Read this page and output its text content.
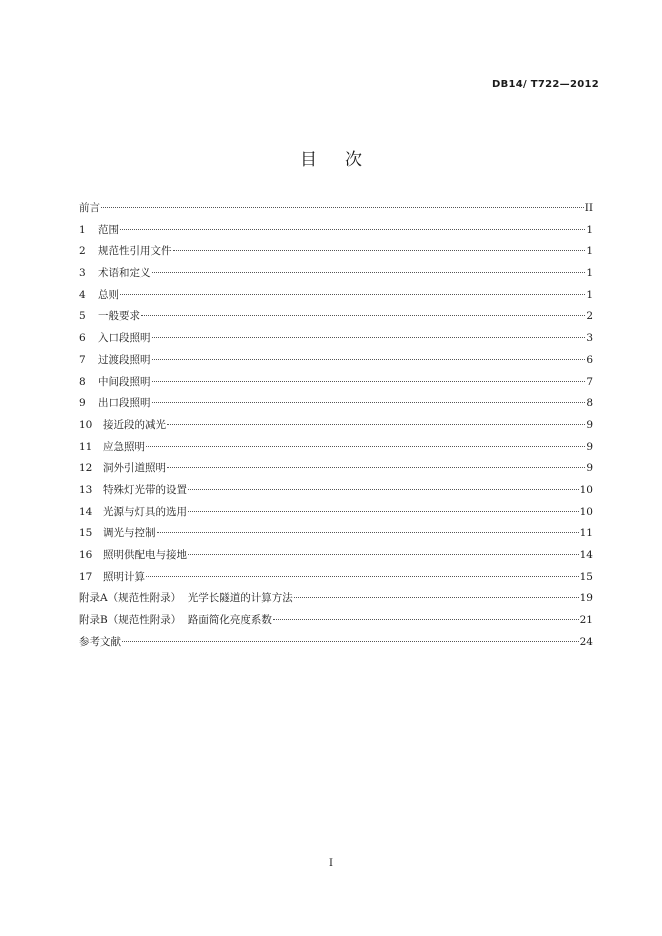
DB14/ T722—2012
目次
前言	II
1	范围	1
2	规范性引用文件	1
3	术语和定义	1
4	总则	1
5	一般要求	2
6	入口段照明	3
7	过渡段照明	6
8	中间段照明	7
9	出口段照明	8
10	接近段的减光	9
11	应急照明	9
12	洞外引道照明	9
13	特殊灯光带的设置	10
14	光源与灯具的选用	10
15	调光与控制	11
16	照明供配电与接地	14
17	照明计算	15
附录A（规范性附录）  光学长隧道的计算方法	19
附录B（规范性附录）  路面简化亮度系数	21
参考文献	24
I
